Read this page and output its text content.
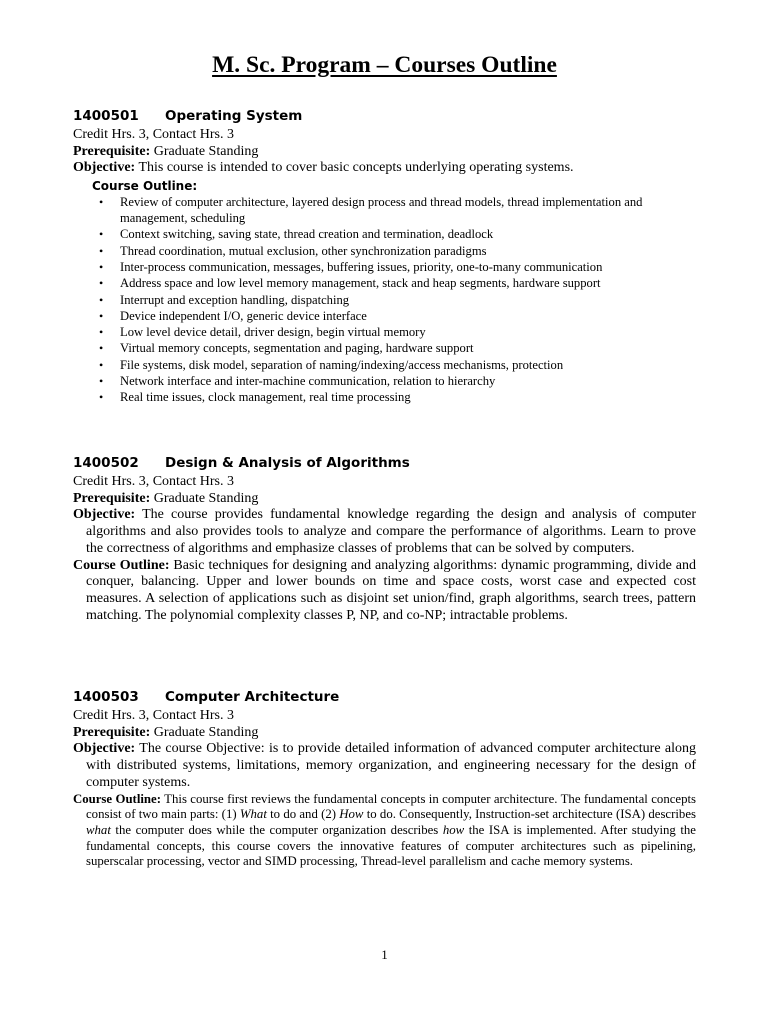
M. Sc. Program – Courses Outline
1400501 Operating System
Credit Hrs. 3, Contact Hrs. 3
Prerequisite: Graduate Standing
Objective: This course is intended to cover basic concepts underlying operating systems.
Course Outline:
• Review of computer architecture, layered design process and thread models, thread implementation and management, scheduling
• Context switching, saving state, thread creation and termination, deadlock
• Thread coordination, mutual exclusion, other synchronization paradigms
• Inter-process communication, messages, buffering issues, priority, one-to-many communication
• Address space and low level memory management, stack and heap segments, hardware support
• Interrupt and exception handling, dispatching
• Device independent I/O, generic device interface
• Low level device detail, driver design, begin virtual memory
• Virtual memory concepts, segmentation and paging, hardware support
• File systems, disk model, separation of naming/indexing/access mechanisms, protection
• Network interface and inter-machine communication, relation to hierarchy
• Real time issues, clock management, real time processing
1400502 Design & Analysis of Algorithms
Credit Hrs. 3, Contact Hrs. 3
Prerequisite: Graduate Standing
Objective: The course provides fundamental knowledge regarding the design and analysis of computer algorithms and also provides tools to analyze and compare the performance of algorithms. Learn to prove the correctness of algorithms and emphasize classes of problems that can be solved by computers.
Course Outline: Basic techniques for designing and analyzing algorithms: dynamic programming, divide and conquer, balancing. Upper and lower bounds on time and space costs, worst case and expected cost measures. A selection of applications such as disjoint set union/find, graph algorithms, search trees, pattern matching. The polynomial complexity classes P, NP, and co-NP; intractable problems.
1400503 Computer Architecture
Credit Hrs. 3, Contact Hrs. 3
Prerequisite: Graduate Standing
Objective: The course Objective: is to provide detailed information of advanced computer architecture along with distributed systems, limitations, memory organization, and engineering necessary for the design of computer systems.
Course Outline: This course first reviews the fundamental concepts in computer architecture. The fundamental concepts consist of two main parts: (1) What to do and (2) How to do. Consequently, Instruction-set architecture (ISA) describes what the computer does while the computer organization describes how the ISA is implemented. After studying the fundamental concepts, this course covers the innovative features of computer architectures such as pipelining, superscalar processing, vector and SIMD processing, Thread-level parallelism and cache memory systems.
1
